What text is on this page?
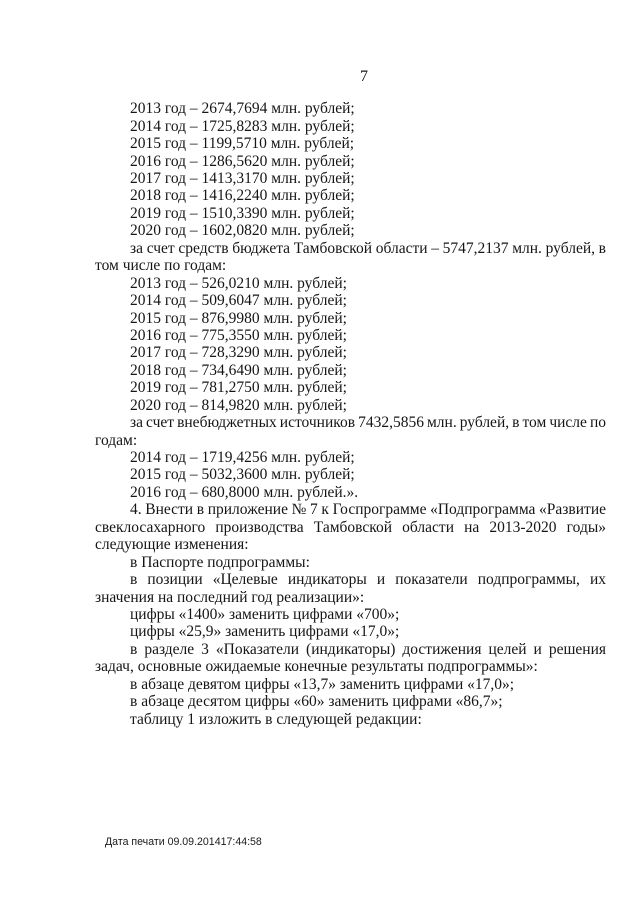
7
2013 год – 2674,7694 млн. рублей;
2014 год – 1725,8283 млн. рублей;
2015 год – 1199,5710 млн. рублей;
2016 год – 1286,5620 млн. рублей;
2017 год – 1413,3170 млн. рублей;
2018 год – 1416,2240 млн. рублей;
2019 год – 1510,3390 млн. рублей;
2020 год – 1602,0820 млн. рублей;
за счет средств бюджета Тамбовской области – 5747,2137 млн. рублей, в
том числе по годам:
2013 год – 526,0210 млн. рублей;
2014 год – 509,6047 млн. рублей;
2015 год – 876,9980 млн. рублей;
2016 год – 775,3550 млн. рублей;
2017 год – 728,3290 млн. рублей;
2018 год – 734,6490 млн. рублей;
2019 год – 781,2750 млн. рублей;
2020 год – 814,9820 млн. рублей;
за счет внебюджетных источников 7432,5856 млн. рублей, в том числе по
годам:
2014 год – 1719,4256 млн. рублей;
2015 год – 5032,3600 млн. рублей;
2016 год – 680,8000 млн. рублей.».
4. Внести в приложение № 7 к Госпрограмме «Подпрограмма «Развитие
свеклосахарного производства Тамбовской области на 2013-2020 годы»
следующие изменения:
в Паспорте подпрограммы:
в позиции «Целевые индикаторы и показатели подпрограммы, их
значения на последний год реализации»:
цифры «1400» заменить цифрами «700»;
цифры «25,9» заменить цифрами «17,0»;
в разделе 3 «Показатели (индикаторы) достижения целей и решения
задач, основные ожидаемые конечные результаты подпрограммы»:
в абзаце девятом цифры «13,7» заменить цифрами «17,0»;
в абзаце десятом цифры «60» заменить цифрами «86,7»;
таблицу 1 изложить в следующей редакции:
Дата печати 09.09.201417:44:58
